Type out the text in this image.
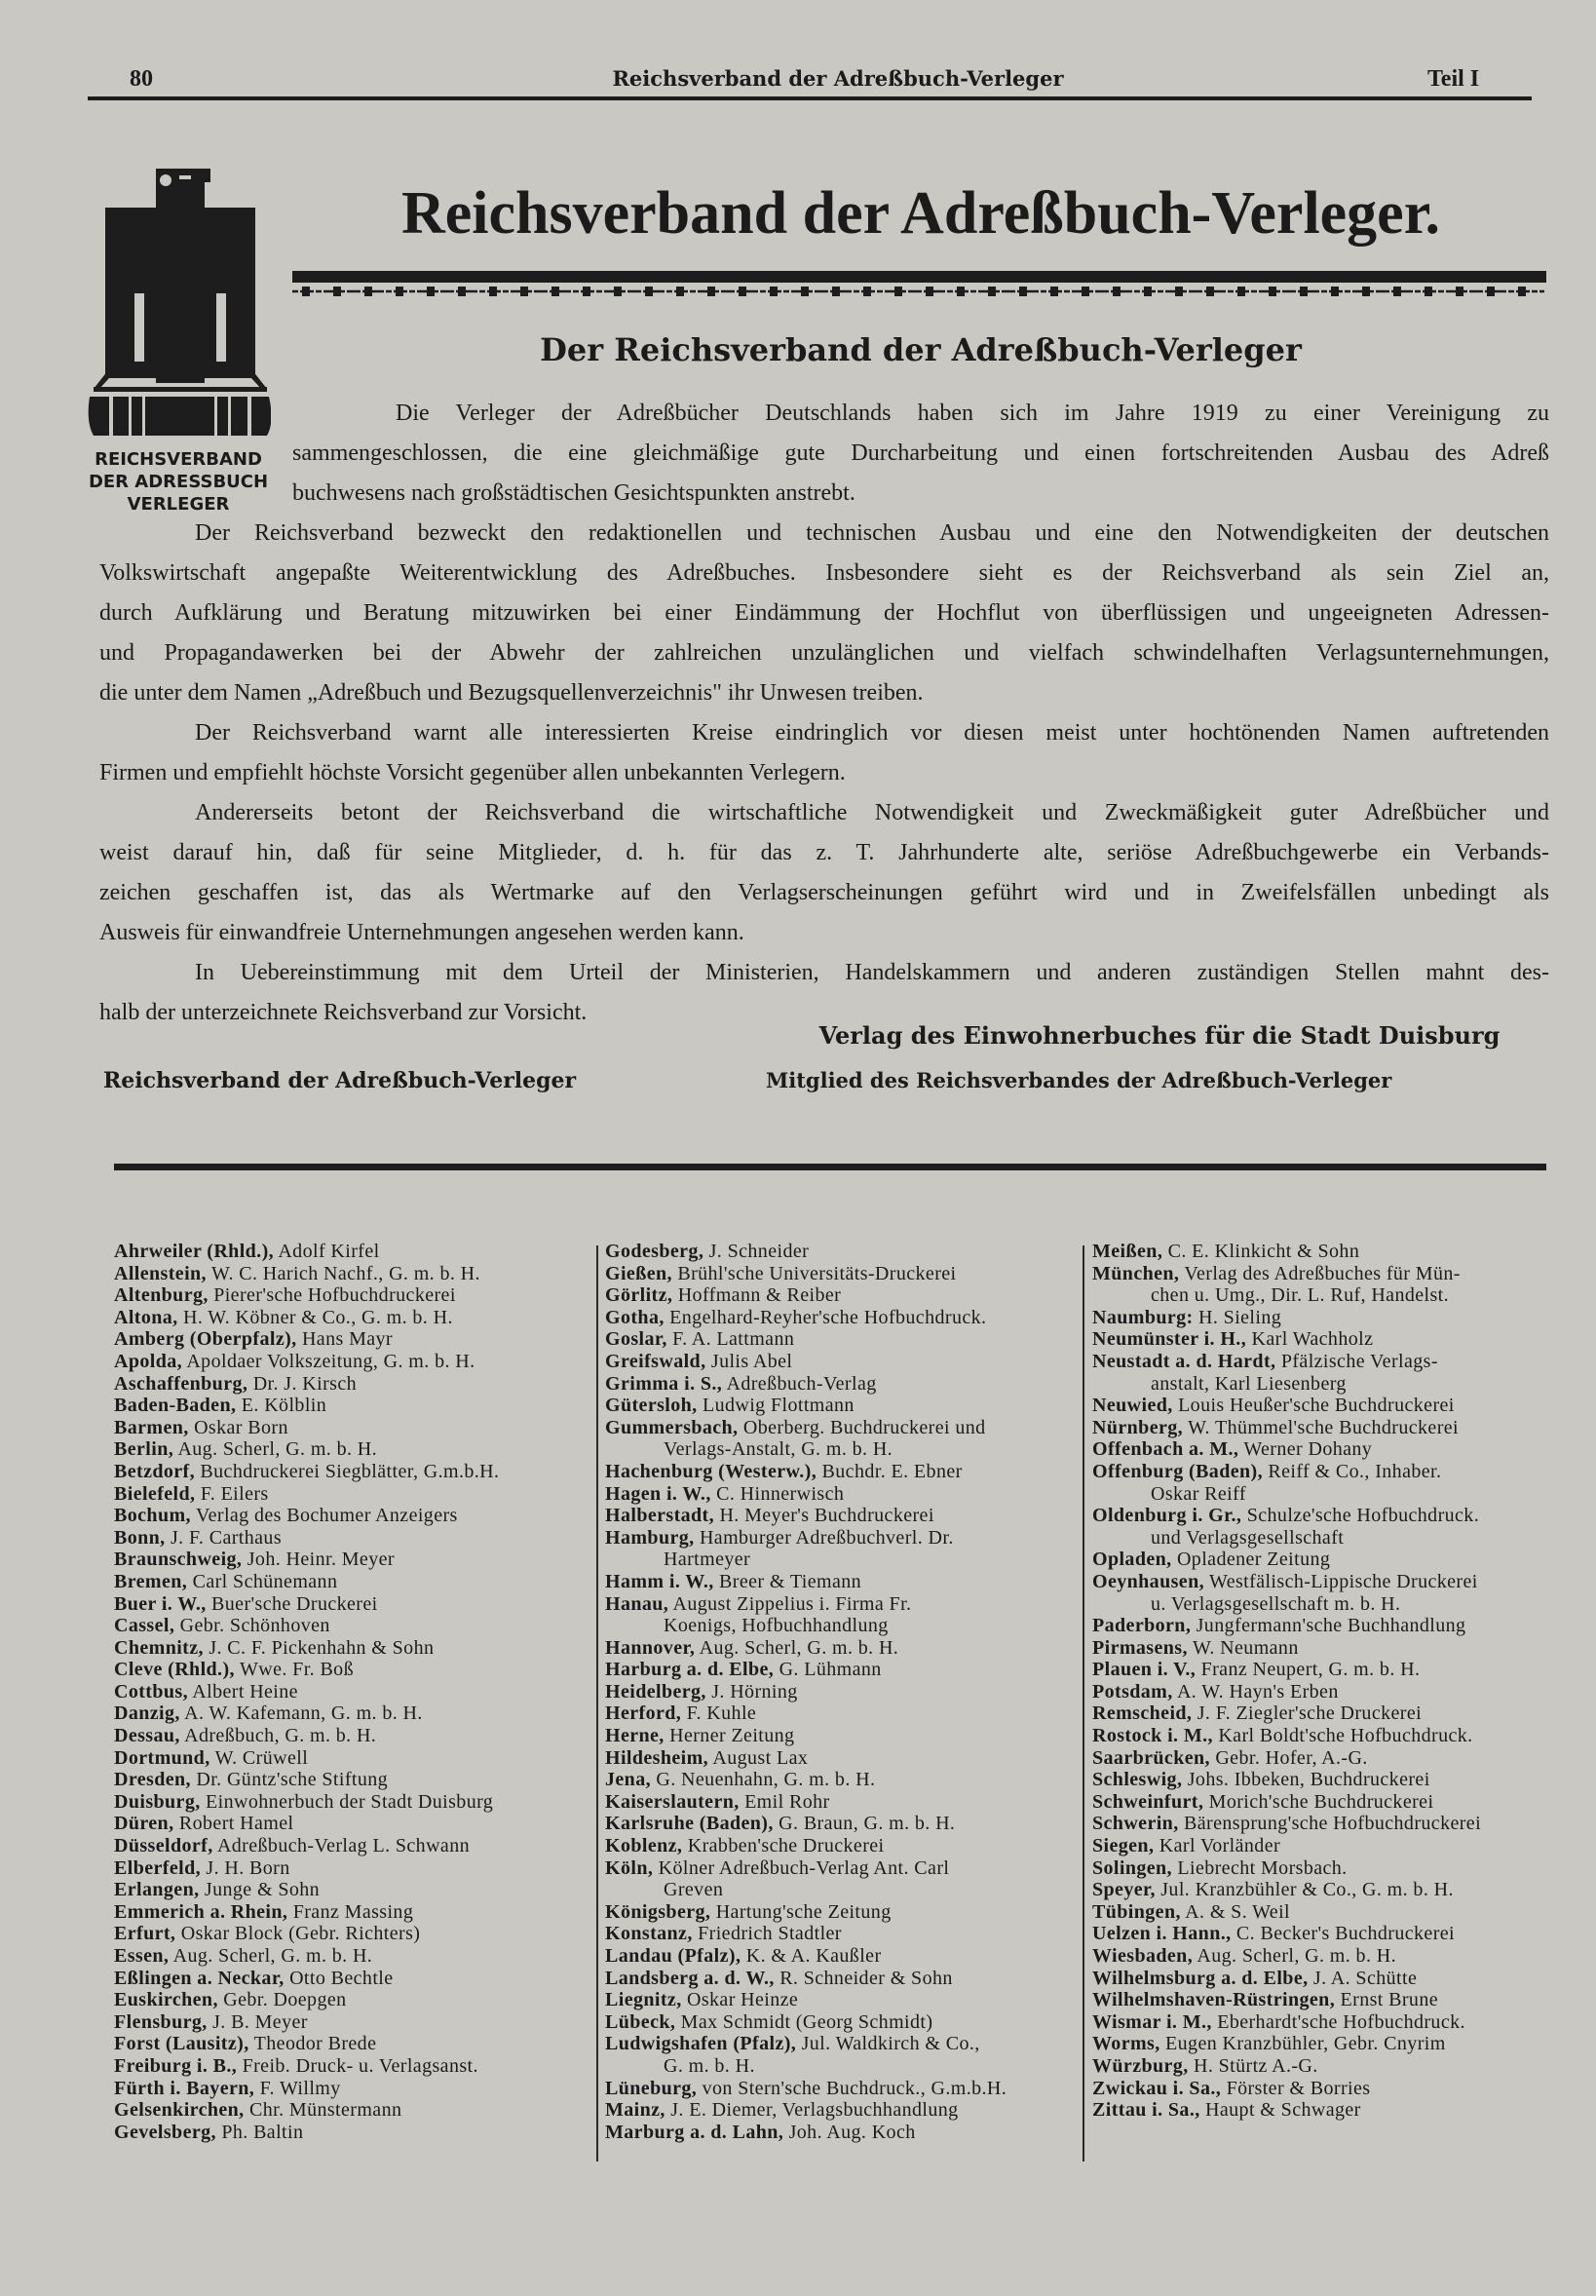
80	Reichsverband der Adreßbuch-Verleger	Teil I
REICHSVERBAND
DER ADRESSBUCH
VERLEGER
Reichsverband der Adreßbuch-Verleger.
Der Reichsverband der Adreßbuch-Verleger
Die Verleger der Adreßbücher Deutschlands haben sich im Jahre 1919 zu einer Vereinigung zu
sammengeschlossen, die eine gleichmäßige gute Durcharbeitung und einen fortschreitenden Ausbau des Adreß
buchwesens nach großstädtischen Gesichtspunkten anstrebt.
Der Reichsverband bezweckt den redaktionellen und technischen Ausbau und eine den Notwendigkeiten der deutschen
Volkswirtschaft angepaßte Weiterentwicklung des Adreßbuches. Insbesondere sieht es der Reichsverband als sein Ziel an,
durch Aufklärung und Beratung mitzuwirken bei einer Eindämmung der Hochflut von überflüssigen und ungeeigneten Adressen-
und Propagandawerken bei der Abwehr der zahlreichen unzulänglichen und vielfach schwindelhaften Verlagsunternehmungen,
die unter dem Namen „Adreßbuch und Bezugsquellenverzeichnis" ihr Unwesen treiben.
Der Reichsverband warnt alle interessierten Kreise eindringlich vor diesen meist unter hochtönenden Namen auftretenden
Firmen und empfiehlt höchste Vorsicht gegenüber allen unbekannten Verlegern.
Andererseits betont der Reichsverband die wirtschaftliche Notwendigkeit und Zweckmäßigkeit guter Adreßbücher und
weist darauf hin, daß für seine Mitglieder, d. h. für das z. T. Jahrhunderte alte, seriöse Adreßbuchgewerbe ein Verbands-
zeichen geschaffen ist, das als Wertmarke auf den Verlagserscheinungen geführt wird und in Zweifelsfällen unbedingt als
Ausweis für einwandfreie Unternehmungen angesehen werden kann.
In Uebereinstimmung mit dem Urteil der Ministerien, Handelskammern und anderen zuständigen Stellen mahnt des-
halb der unterzeichnete Reichsverband zur Vorsicht.
Verlag des Einwohnerbuches für die Stadt Duisburg
Reichsverband der Adreßbuch-Verleger	Mitglied des Reichsverbandes der Adreßbuch-Verleger
Ahrweiler (Rhld.), Adolf Kirfel
Allenstein, W. C. Harich Nachf., G. m. b. H.
Altenburg, Pierer'sche Hofbuchdruckerei
Altona, H. W. Köbner & Co., G. m. b. H.
Amberg (Oberpfalz), Hans Mayr
Apolda, Apoldaer Volkszeitung, G. m. b. H.
Aschaffenburg, Dr. J. Kirsch
Baden-Baden, E. Kölblin
Barmen, Oskar Born
Berlin, Aug. Scherl, G. m. b. H.
Betzdorf, Buchdruckerei Siegblätter, G.m.b.H.
Bielefeld, F. Eilers
Bochum, Verlag des Bochumer Anzeigers
Bonn, J. F. Carthaus
Braunschweig, Joh. Heinr. Meyer
Bremen, Carl Schünemann
Buer i. W., Buer'sche Druckerei
Cassel, Gebr. Schönhoven
Chemnitz, J. C. F. Pickenhahn & Sohn
Cleve (Rhld.), Wwe. Fr. Boß
Cottbus, Albert Heine
Danzig, A. W. Kafemann, G. m. b. H.
Dessau, Adreßbuch, G. m. b. H.
Dortmund, W. Crüwell
Dresden, Dr. Güntz'sche Stiftung
Duisburg, Einwohnerbuch der Stadt Duisburg
Düren, Robert Hamel
Düsseldorf, Adreßbuch-Verlag L. Schwann
Elberfeld, J. H. Born
Erlangen, Junge & Sohn
Emmerich a. Rhein, Franz Massing
Erfurt, Oskar Block (Gebr. Richters)
Essen, Aug. Scherl, G. m. b. H.
Eßlingen a. Neckar, Otto Bechtle
Euskirchen, Gebr. Doepgen
Flensburg, J. B. Meyer
Forst (Lausitz), Theodor Brede
Freiburg i. B., Freib. Druck- u. Verlagsanst.
Fürth i. Bayern, F. Willmy
Gelsenkirchen, Chr. Münstermann
Gevelsberg, Ph. Baltin
Godesberg, J. Schneider
Gießen, Brühl'sche Universitäts-Druckerei
Görlitz, Hoffmann & Reiber
Gotha, Engelhard-Reyher'sche Hofbuchdruck.
Goslar, F. A. Lattmann
Greifswald, Julis Abel
Grimma i. S., Adreßbuch-Verlag
Gütersloh, Ludwig Flottmann
Gummersbach, Oberberg. Buchdruckerei und
Verlags-Anstalt, G. m. b. H.
Hachenburg (Westerw.), Buchdr. E. Ebner
Hagen i. W., C. Hinnerwisch
Halberstadt, H. Meyer's Buchdruckerei
Hamburg, Hamburger Adreßbuchverl. Dr.
Hartmeyer
Hamm i. W., Breer & Tiemann
Hanau, August Zippelius i. Firma Fr.
Koenigs, Hofbuchhandlung
Hannover, Aug. Scherl, G. m. b. H.
Harburg a. d. Elbe, G. Lühmann
Heidelberg, J. Hörning
Herford, F. Kuhle
Herne, Herner Zeitung
Hildesheim, August Lax
Jena, G. Neuenhahn, G. m. b. H.
Kaiserslautern, Emil Rohr
Karlsruhe (Baden), G. Braun, G. m. b. H.
Koblenz, Krabben'sche Druckerei
Köln, Kölner Adreßbuch-Verlag Ant. Carl
Greven
Königsberg, Hartung'sche Zeitung
Konstanz, Friedrich Stadtler
Landau (Pfalz), K. & A. Kaußler
Landsberg a. d. W., R. Schneider & Sohn
Liegnitz, Oskar Heinze
Lübeck, Max Schmidt (Georg Schmidt)
Ludwigshafen (Pfalz), Jul. Waldkirch & Co.,
G. m. b. H.
Lüneburg, von Stern'sche Buchdruck., G.m.b.H.
Mainz, J. E. Diemer, Verlagsbuchhandlung
Marburg a. d. Lahn, Joh. Aug. Koch
Meißen, C. E. Klinkicht & Sohn
München, Verlag des Adreßbuches für Mün-
chen u. Umg., Dir. L. Ruf, Handelst.
Naumburg: H. Sieling
Neumünster i. H., Karl Wachholz
Neustadt a. d. Hardt, Pfälzische Verlags-
anstalt, Karl Liesenberg
Neuwied, Louis Heußer'sche Buchdruckerei
Nürnberg, W. Thümmel'sche Buchdruckerei
Offenbach a. M., Werner Dohany
Offenburg (Baden), Reiff & Co., Inhaber.
Oskar Reiff
Oldenburg i. Gr., Schulze'sche Hofbuchdruck.
und Verlagsgesellschaft
Opladen, Opladener Zeitung
Oeynhausen, Westfälisch-Lippische Druckerei
u. Verlagsgesellschaft m. b. H.
Paderborn, Jungfermann'sche Buchhandlung
Pirmasens, W. Neumann
Plauen i. V., Franz Neupert, G. m. b. H.
Potsdam, A. W. Hayn's Erben
Remscheid, J. F. Ziegler'sche Druckerei
Rostock i. M., Karl Boldt'sche Hofbuchdruck.
Saarbrücken, Gebr. Hofer, A.-G.
Schleswig, Johs. Ibbeken, Buchdruckerei
Schweinfurt, Morich'sche Buchdruckerei
Schwerin, Bärensprung'sche Hofbuchdruckerei
Siegen, Karl Vorländer
Solingen, Liebrecht Morsbach.
Speyer, Jul. Kranzbühler & Co., G. m. b. H.
Tübingen, A. & S. Weil
Uelzen i. Hann., C. Becker's Buchdruckerei
Wiesbaden, Aug. Scherl, G. m. b. H.
Wilhelmsburg a. d. Elbe, J. A. Schütte
Wilhelmshaven-Rüstringen, Ernst Brune
Wismar i. M., Eberhardt'sche Hofbuchdruck.
Worms, Eugen Kranzbühler, Gebr. Cnyrim
Würzburg, H. Stürtz A.-G.
Zwickau i. Sa., Förster & Borries
Zittau i. Sa., Haupt & Schwager
